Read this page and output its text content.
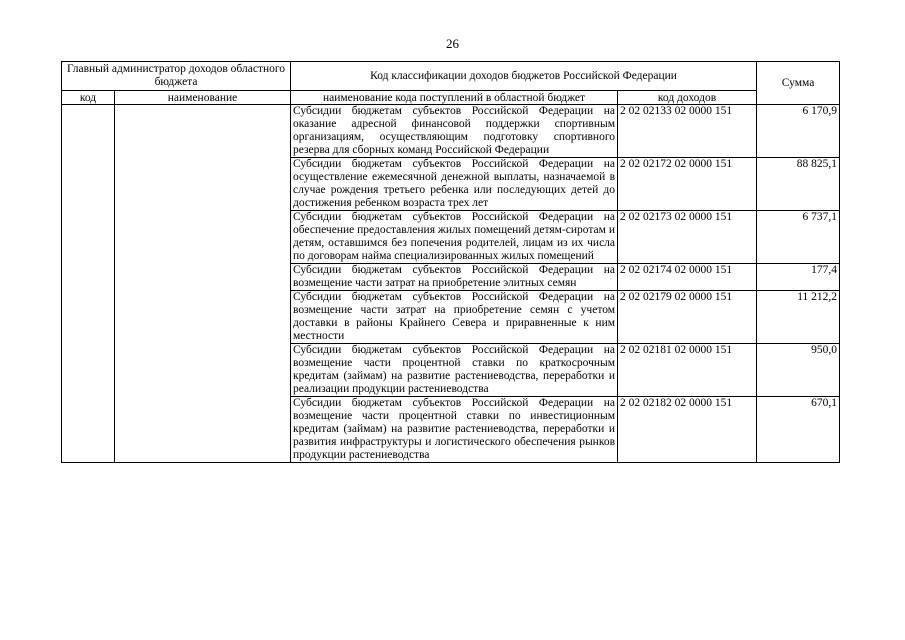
26
Главный администратор доходов областного бюджета		Код классификации доходов бюджетов Российской Федерации		Сумма
код	наименование	наименование кода поступлений в областной бюджет	код доходов	
		Субсидии бюджетам субъектов Российской Федерации на оказание адресной финансовой поддержки спортивным организациям, осуществляющим подготовку спортивного резерва для сборных команд Российской Федерации	2 02 02133 02 0000 151	6 170,9
		Субсидии бюджетам субъектов Российской Федерации на осуществление ежемесячной денежной выплаты, назначаемой в случае рождения третьего ребенка или последующих детей до достижения ребенком возраста трех лет	2 02 02172 02 0000 151	88 825,1
		Субсидии бюджетам субъектов Российской Федерации на обеспечение предоставления жилых помещений детям-сиротам и детям, оставшимся без попечения родителей, лицам из их числа по договорам найма специализированных жилых помещений	2 02 02173 02 0000 151	6 737,1
		Субсидии бюджетам субъектов Российской Федерации на возмещение части затрат на приобретение элитных семян	2 02 02174 02 0000 151	177,4
		Субсидии бюджетам субъектов Российской Федерации на возмещение части затрат на приобретение семян с учетом доставки в районы Крайнего Севера и приравненные к ним местности	2 02 02179 02 0000 151	11 212,2
		Субсидии бюджетам субъектов Российской Федерации на возмещение части процентной ставки по краткосрочным кредитам (займам) на развитие растениеводства, переработки и реализации продукции растениеводства	2 02 02181 02 0000 151	950,0
		Субсидии бюджетам субъектов Российской Федерации на возмещение части процентной ставки по инвестиционным кредитам (займам) на развитие растениеводства, переработки и развития инфраструктуры и логистического обеспечения рынков продукции растениеводства	2 02 02182 02 0000 151	670,1
